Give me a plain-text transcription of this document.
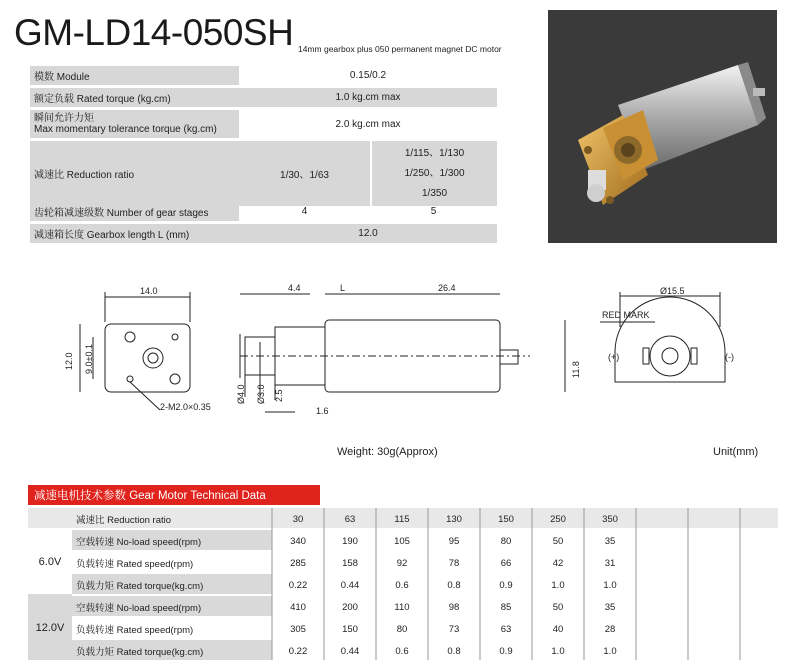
GM-LD14-050SH 14mm gearbox plus 050 permanent magnet DC motor
模数 Module	0.15/0.2
额定负载 Rated torque (kg.cm)	1.0 kg.cm max
瞬间允许力矩
Max momentary tolerance torque (kg.cm)	2.0 kg.cm max
减速比 Reduction ratio	1/30、1/63
1/115、1/130
1/250、1/300
1/350
齿轮箱减速级数 Number of gear stages	4	5
减速箱长度 Gearbox length L (mm)	12.0
14.0
12.0 9.0±0.1
2-M2.0×0.35
4.4	L	26.4
Ø4.0 Ø3.0 2.5
1.6
11.8
Ø15.5
RED MARK
(+)	(-)
Weight: 30g(Approx)	Unit(mm)
减速电机技术参数 Gear Motor Technical Data
减速比 Reduction ratio	30	63	115	130	150	250	350
6.0V
空载转速 No-load speed(rpm)	340	190	105	95	80	50	35
负载转速 Rated speed(rpm)	285	158	92	78	66	42	31
负载力矩 Rated torque(kg.cm)	0.22	0.44	0.6	0.8	0.9	1.0	1.0
12.0V
空载转速 No-load speed(rpm)	410	200	110	98	85	50	35
负载转速 Rated speed(rpm)	305	150	80	73	63	40	28
负载力矩 Rated torque(kg.cm)	0.22	0.44	0.6	0.8	0.9	1.0	1.0
